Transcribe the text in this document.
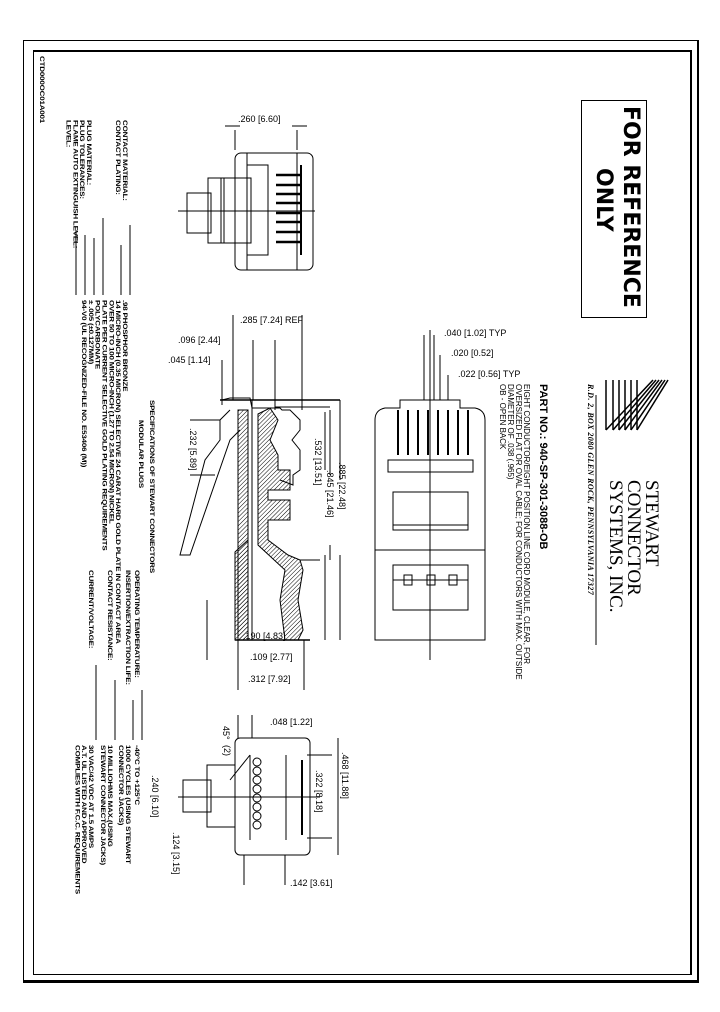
CTD000OC01A001
FOR REFERENCE
ONLY
STEWART
CONNECTOR
SYSTEMS, INC.
R.D. 2, BOX 2080 GLEN ROCK, PENNSYLVANIA 17327
PART NO.: 940-SP-301-3088-OB
EIGHT CONDUCTOR/EIGHT POSITION LINE CORD MODULE, CLEAR, FOR
OVERSIZED FLAT OR OVAL CABLE; FOR CONDUCTORS WITH MAX. OUTSIDE
DIAMETER OF .038 (.965)
OB - OPEN BACK
SPECIFICATIONS OF STEWART CONNECTORS
MODULAR PLUGS
CONTACT MATERIAL:
CONTACT PLATING:
PLUG MATERIAL:
PLUG TOLERANCES:
FLAME AUTO EXTINGUISH LEVEL:
LEVEL:
.98 PHOSPHOR BRONZE
14 MICRO-INCH (0.35 MICRON) SELECTIVE 24 CARAT HARD GOLD PLATE IN CONTACT AREA
OVER 50 TO 100 MICRO-INCH (1.27 TO 2.54 MICRON) NICKEL
PLATE PER CURRENT SELECTIVE GOLD PLATING REQUIREMENTS
POLYCARBONATE
± .005 (±0.127MM)
94-V0 (UL RECOGNIZED-FILE NO. E53406 (M))
OPERATING TEMPERATURE:
INSERTION/EXTRACTION LIFE:
CONTACT RESISTANCE:
CURRENT/VOLTAGE:
-40°C TO +125°C
1000 CYCLES (USING STEWART
CONNECTOR JACKS)
10 MILLIOHMS MAX.(USING
STEWART CONNECTOR JACKS)
30 VAC/42 VDC AT 1.5 AMPS
A.T. UL LISTED AND APPROVED
COMPLIES WITH F.C.C. REQUIREMENTS
.260 [6.60]
.285 [7.24] REF
.096 [2.44]
.045 [1.14]
.232 [5.89]	.532 [13.51]
.845 [21.46] .885 [22.48]
.190 [4.83]
.109 [2.77]
.312 [7.92]
.040 [1.02] TYP
.020 [0.52]
.022 [0.56] TYP
.048 [1.22]
45°
(2)
.240 [6.10]
.124 [3.15]
.322 [8.18] .468 [11.88]
.142 [3.61]
